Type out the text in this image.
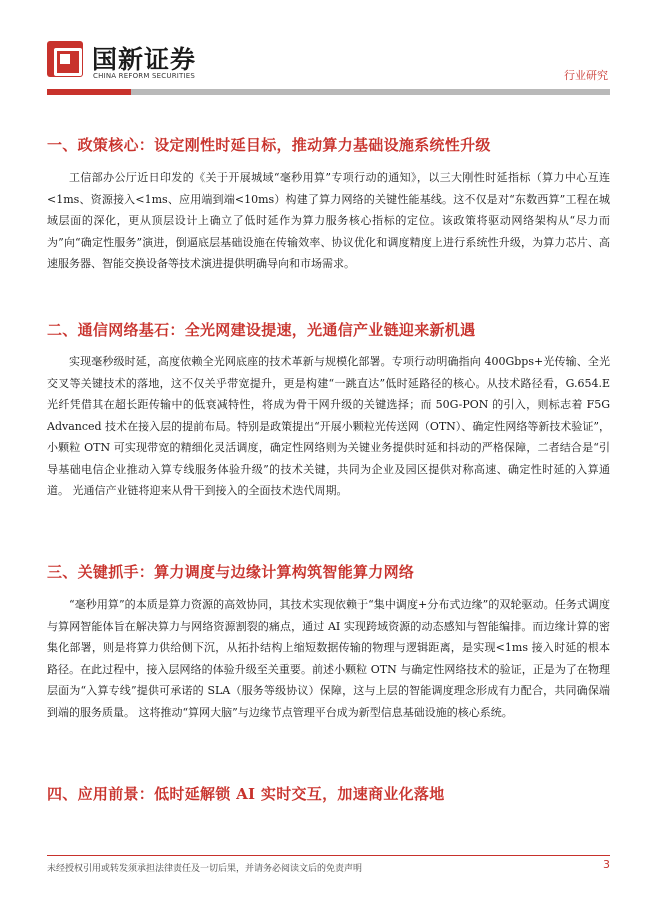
国新证券
CHINA REFORM SECURITIES	行业研究
一、政策核心：设定刚性时延目标，推动算力基础设施系统性升级

工信部办公厅近日印发的《关于开展城域“毫秒用算”专项行动的通知》，以三大刚性时延指标（算力中心互连<1ms、资源接入<1ms、应用端到端<10ms）构建了算力网络的关键性能基线。这不仅是对“东数西算”工程在城域层面的深化，更从顶层设计上确立了低时延作为算力服务核心指标的定位。该政策将驱动网络架构从“尽力而为”向“确定性服务”演进，倒逼底层基础设施在传输效率、协议优化和调度精度上进行系统性升级，为算力芯片、高速服务器、智能交换设备等技术演进提供明确导向和市场需求。

二、通信网络基石：全光网建设提速，光通信产业链迎来新机遇

实现毫秒级时延，高度依赖全光网底座的技术革新与规模化部署。专项行动明确指向 400Gbps+光传输、全光交叉等关键技术的落地，这不仅关乎带宽提升，更是构建“一跳直达”低时延路径的核心。从技术路径看，G.654.E 光纤凭借其在超长距传输中的低衰减特性，将成为骨干网升级的关键选择；而 50G-PON 的引入，则标志着 F5G Advanced 技术在接入层的提前布局。特别是政策提出“开展小颗粒光传送网（OTN）、确定性网络等新技术验证”，小颗粒 OTN 可实现带宽的精细化灵活调度，确定性网络则为关键业务提供时延和抖动的严格保障，二者结合是“引导基础电信企业推动入算专线服务体验升级”的技术关键，共同为企业及园区提供对称高速、确定性时延的入算通道。 光通信产业链将迎来从骨干到接入的全面技术迭代周期。

三、关键抓手：算力调度与边缘计算构筑智能算力网络

“毫秒用算”的本质是算力资源的高效协同，其技术实现依赖于“集中调度+分布式边缘”的双轮驱动。任务式调度与算网智能体旨在解决算力与网络资源割裂的痛点，通过 AI 实现跨域资源的动态感知与智能编排。而边缘计算的密集化部署，则是将算力供给侧下沉，从拓扑结构上缩短数据传输的物理与逻辑距离，是实现<1ms 接入时延的根本路径。在此过程中，接入层网络的体验升级至关重要。前述小颗粒 OTN 与确定性网络技术的验证，正是为了在物理层面为“入算专线”提供可承诺的 SLA（服务等级协议）保障，这与上层的智能调度理念形成有力配合，共同确保端到端的服务质量。 这将推动“算网大脑”与边缘节点管理平台成为新型信息基础设施的核心系统。

四、应用前景：低时延解锁 AI 实时交互，加速商业化落地
未经授权引用或转发须承担法律责任及一切后果，并请务必阅读文后的免责声明	3
